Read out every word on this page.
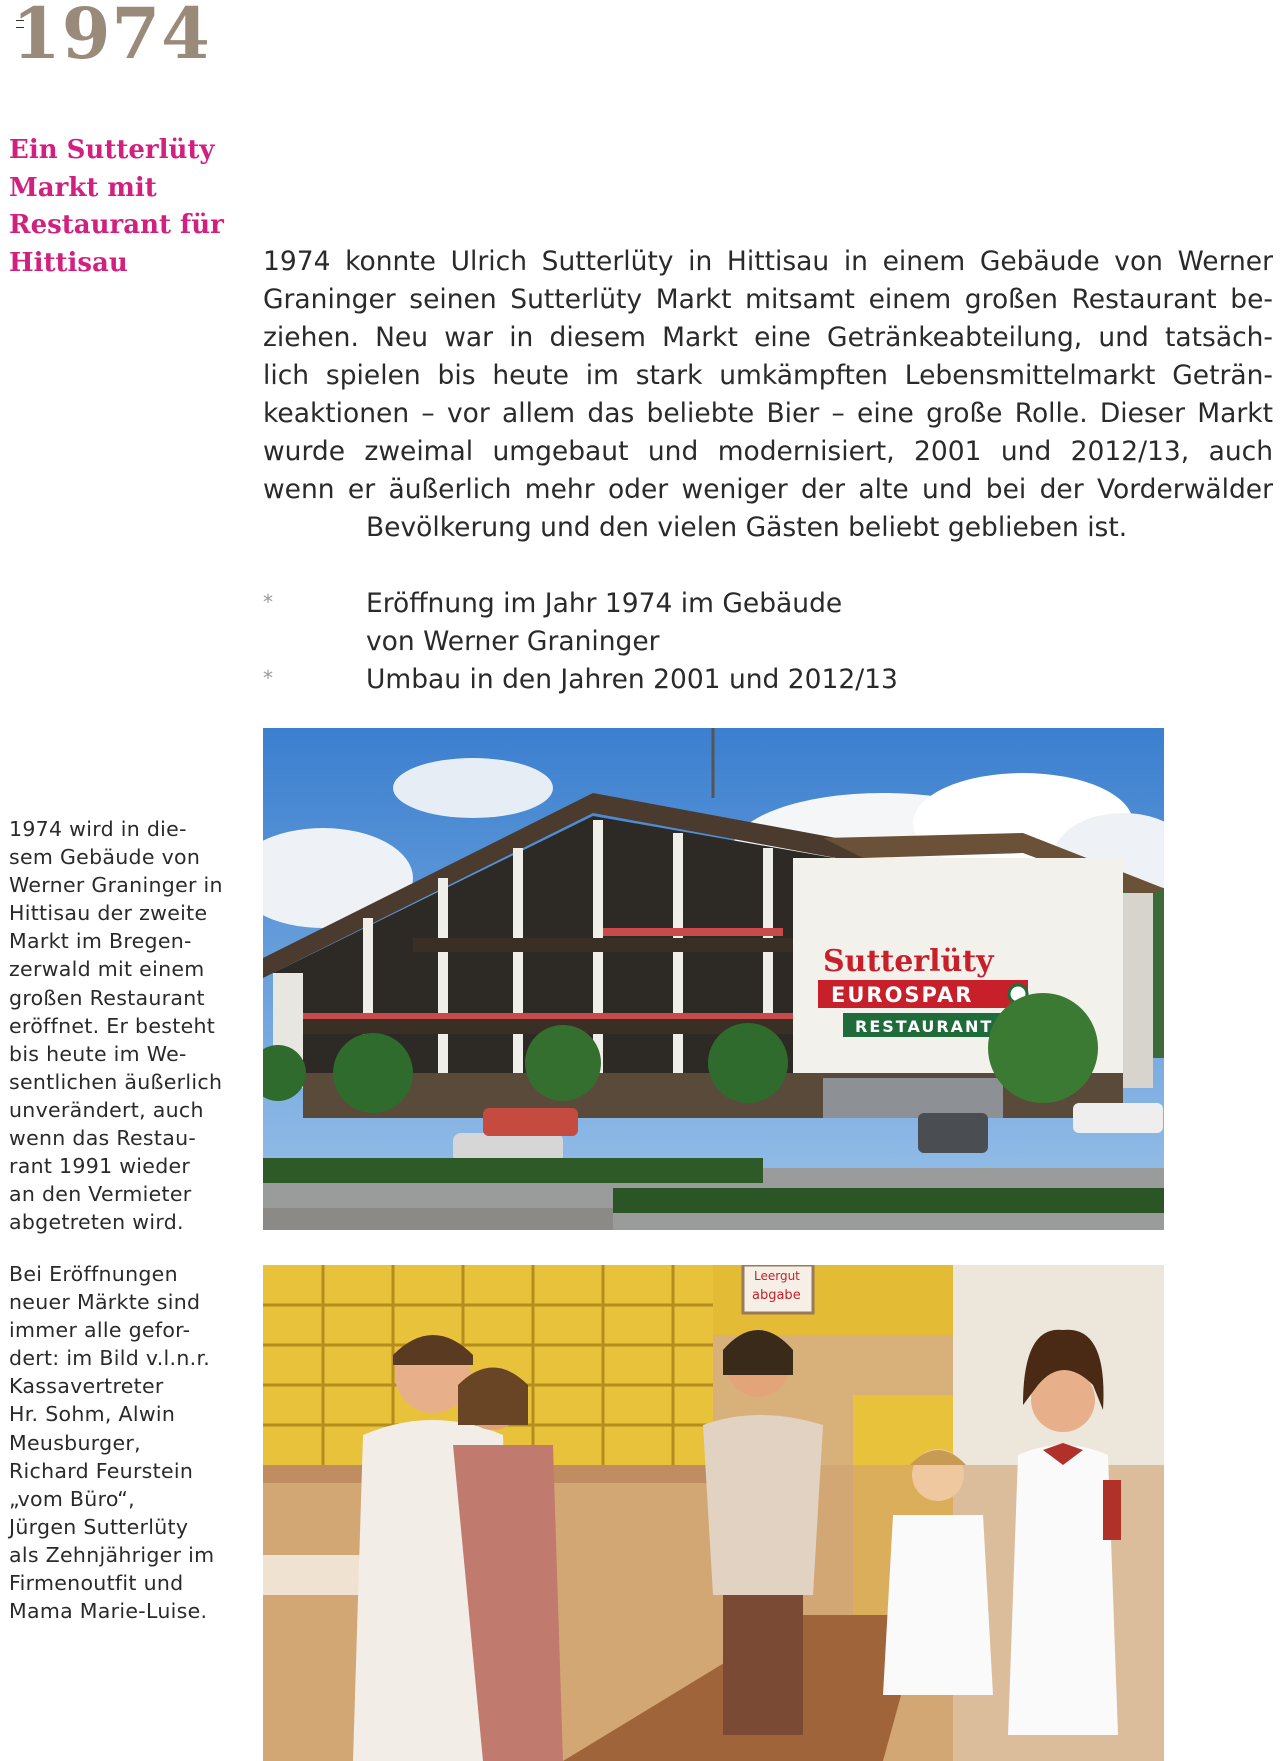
1974
Ein Sutterlüty
Markt mit
Restaurant für
Hittisau	1974 konnte Ulrich Sutterlüty in Hittisau in einem Gebäude von Werner
Graninger seinen Sutterlüty Markt mitsamt einem großen Restaurant be-
ziehen. Neu war in diesem Markt eine Getränkeabteilung, und tatsäch-
lich spielen bis heute im stark umkämpften Lebensmittelmarkt Geträn-
keaktionen – vor allem das beliebte Bier – eine große Rolle. Dieser Markt
wurde zweimal umgebaut und modernisiert, 2001 und 2012/13, auch
wenn er äußerlich mehr oder weniger der alte und bei der Vorderwälder
Bevölkerung und den vielen Gästen beliebt geblieben ist.

*	Eröffnung im Jahr 1974 im Gebäude
von Werner Graninger
*	Umbau in den Jahren 2001 und 2012/13
Sutterlüty
EUROSPAR
RESTAURANT
Leergut
abgabe

1974 wird in die-
sem Gebäude von
Werner Graninger in
Hittisau der zweite
Markt im Bregen-
zerwald mit einem
großen Restaurant
eröffnet. Er besteht
bis heute im We-
sentlichen äußerlich
unverändert, auch
wenn das Restau-
rant 1991 wieder
an den Vermieter
abgetreten wird.

Bei Eröffnungen
neuer Märkte sind
immer alle gefor-
dert: im Bild v.l.n.r.
Kassavertreter
Hr. Sohm, Alwin
Meusburger,
Richard Feurstein
„vom Büro“,
Jürgen Sutterlüty
als Zehnjähriger im
Firmenoutfit und
Mama Marie-Luise.
